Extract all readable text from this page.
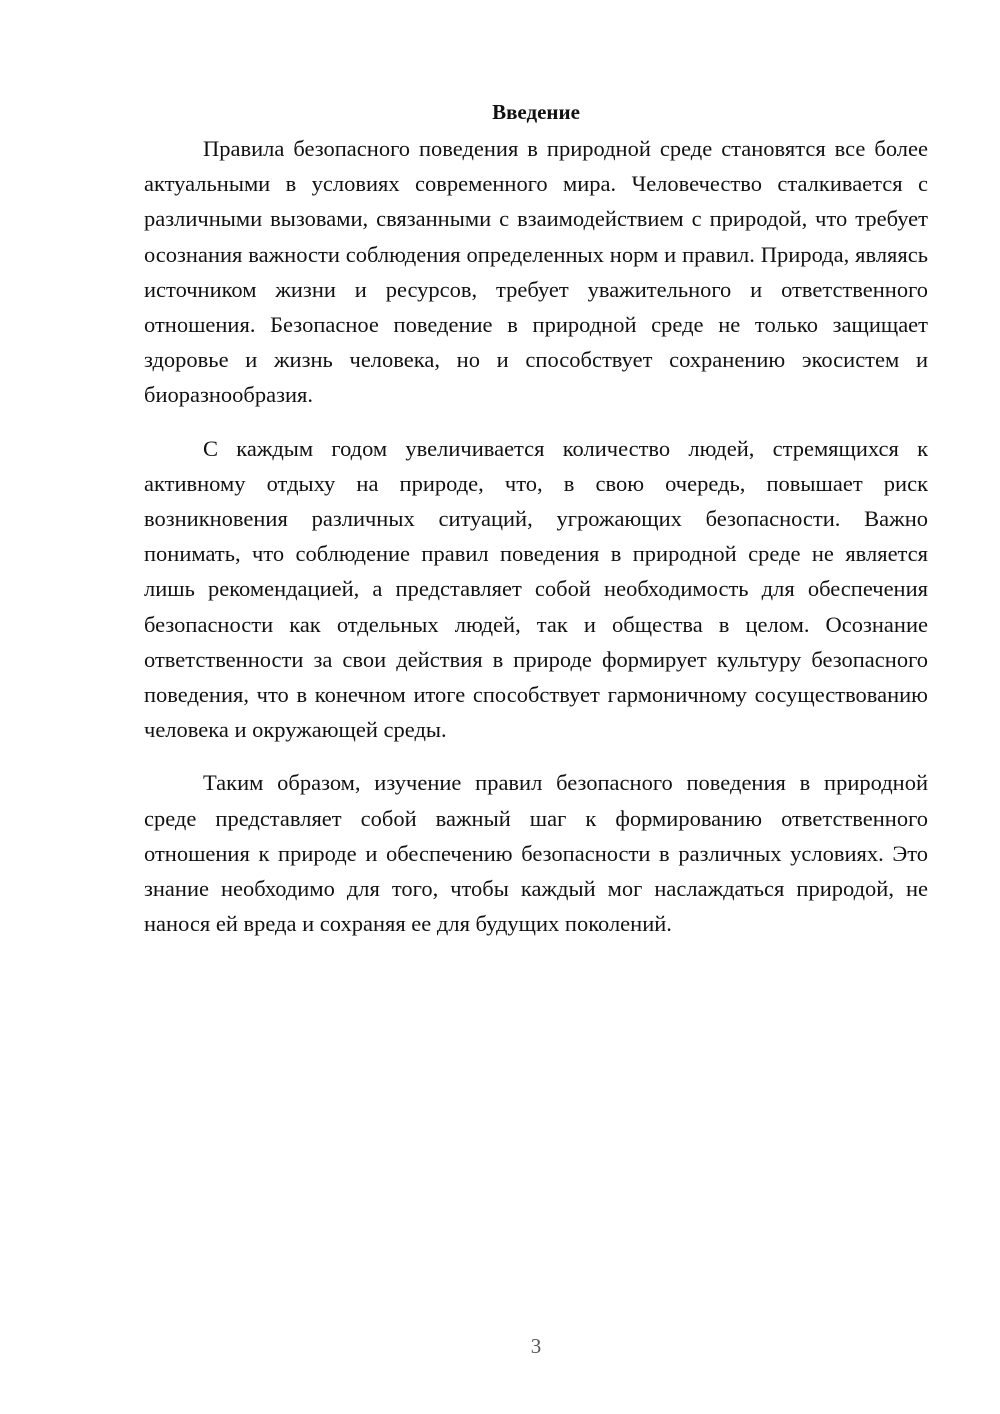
Введение

Правила безопасного поведения в природной среде становятся все более актуальными в условиях современного мира. Человечество сталкивается с различными вызовами, связанными с взаимодействием с природой, что требует осознания важности соблюдения определенных норм и правил. Природа, являясь источником жизни и ресурсов, требует уважительного и ответственного отношения. Безопасное поведение в природной среде не только защищает здоровье и жизнь человека, но и способствует сохранению экосистем и биоразнообразия.

С каждым годом увеличивается количество людей, стремящихся к активному отдыху на природе, что, в свою очередь, повышает риск возникновения различных ситуаций, угрожающих безопасности. Важно понимать, что соблюдение правил поведения в природной среде не является лишь рекомендацией, а представляет собой необходимость для обеспечения безопасности как отдельных людей, так и общества в целом. Осознание ответственности за свои действия в природе формирует культуру безопасного поведения, что в конечном итоге способствует гармоничному сосуществованию человека и окружающей среды.

Таким образом, изучение правил безопасного поведения в природной среде представляет собой важный шаг к формированию ответственного отношения к природе и обеспечению безопасности в различных условиях. Это знание необходимо для того, чтобы каждый мог наслаждаться природой, не нанося ей вреда и сохраняя ее для будущих поколений.

3
